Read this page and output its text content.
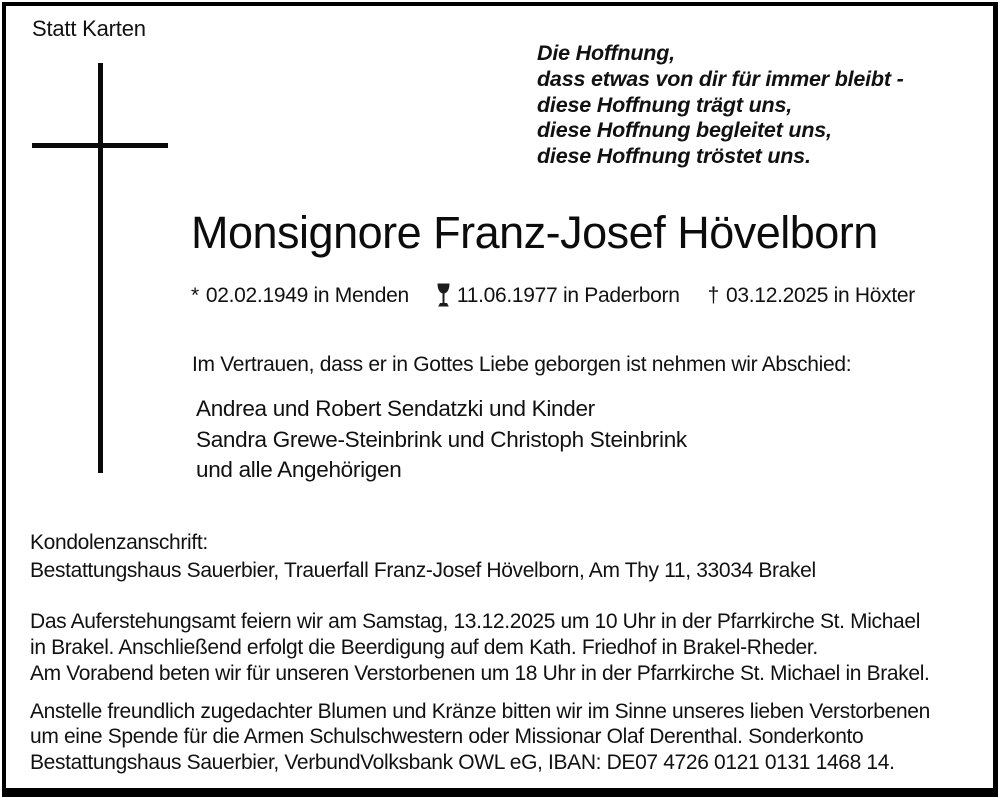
Statt Karten
Die Hoffnung,
dass etwas von dir für immer bleibt -
diese Hoffnung trägt uns,
diese Hoffnung begleitet uns,
diese Hoffnung tröstet uns.
Monsignore Franz-Josef Hövelborn
* 02.02.1949 in Menden 11.06.1977 in Paderborn † 03.12.2025 in Höxter
Im Vertrauen, dass er in Gottes Liebe geborgen ist nehmen wir Abschied:
Andrea und Robert Sendatzki und Kinder
Sandra Grewe-Steinbrink und Christoph Steinbrink
und alle Angehörigen
Kondolenzanschrift:
Bestattungshaus Sauerbier, Trauerfall Franz-Josef Hövelborn, Am Thy 11, 33034 Brakel
Das Auferstehungsamt feiern wir am Samstag, 13.12.2025 um 10 Uhr in der Pfarrkirche St. Michael
in Brakel. Anschließend erfolgt die Beerdigung auf dem Kath. Friedhof in Brakel-Rheder.
Am Vorabend beten wir für unseren Verstorbenen um 18 Uhr in der Pfarrkirche St. Michael in Brakel.
Anstelle freundlich zugedachter Blumen und Kränze bitten wir im Sinne unseres lieben Verstorbenen
um eine Spende für die Armen Schulschwestern oder Missionar Olaf Derenthal. Sonderkonto
Bestattungshaus Sauerbier, VerbundVolksbank OWL eG, IBAN: DE07 4726 0121 0131 1468 14.
